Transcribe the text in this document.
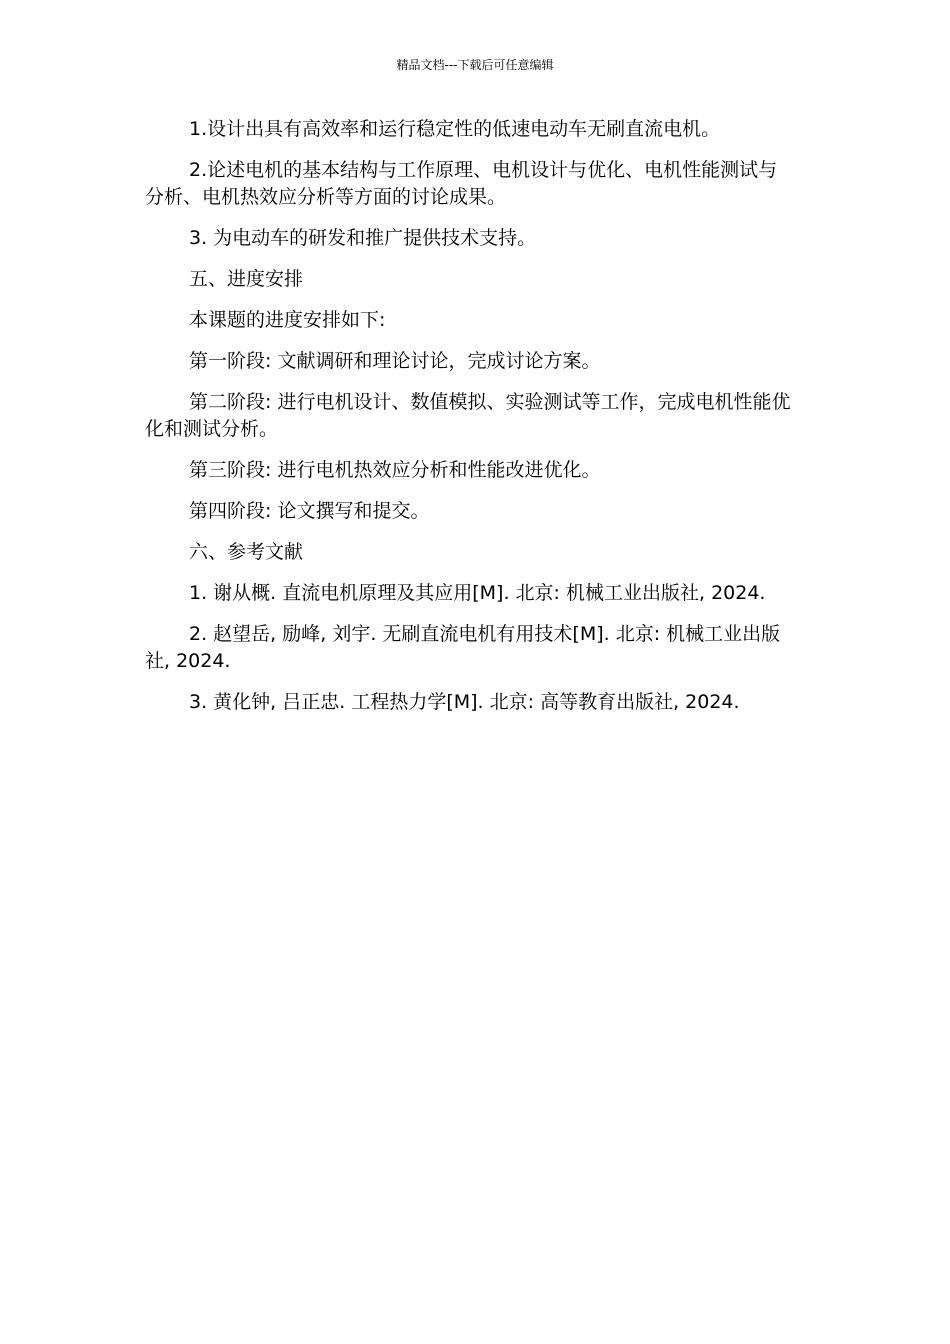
精品文档---下载后可任意编辑

1.设计出具有高效率和运行稳定性的低速电动车无刷直流电机。

2.论述电机的基本结构与工作原理、电机设计与优化、电机性能测试与分析、电机热效应分析等方面的讨论成果。

3. 为电动车的研发和推广提供技术支持。

五、进度安排

本课题的进度安排如下:

第一阶段: 文献调研和理论讨论，完成讨论方案。

第二阶段: 进行电机设计、数值模拟、实验测试等工作，完成电机性能优化和测试分析。

第三阶段: 进行电机热效应分析和性能改进优化。

第四阶段: 论文撰写和提交。

六、参考文献

1. 谢从概. 直流电机原理及其应用[M]. 北京: 机械工业出版社, 2024.

2. 赵望岳, 励峰, 刘宇. 无刷直流电机有用技术[M]. 北京: 机械工业出版社, 2024.

3. 黄化钟, 吕正忠. 工程热力学[M]. 北京: 高等教育出版社, 2024.
